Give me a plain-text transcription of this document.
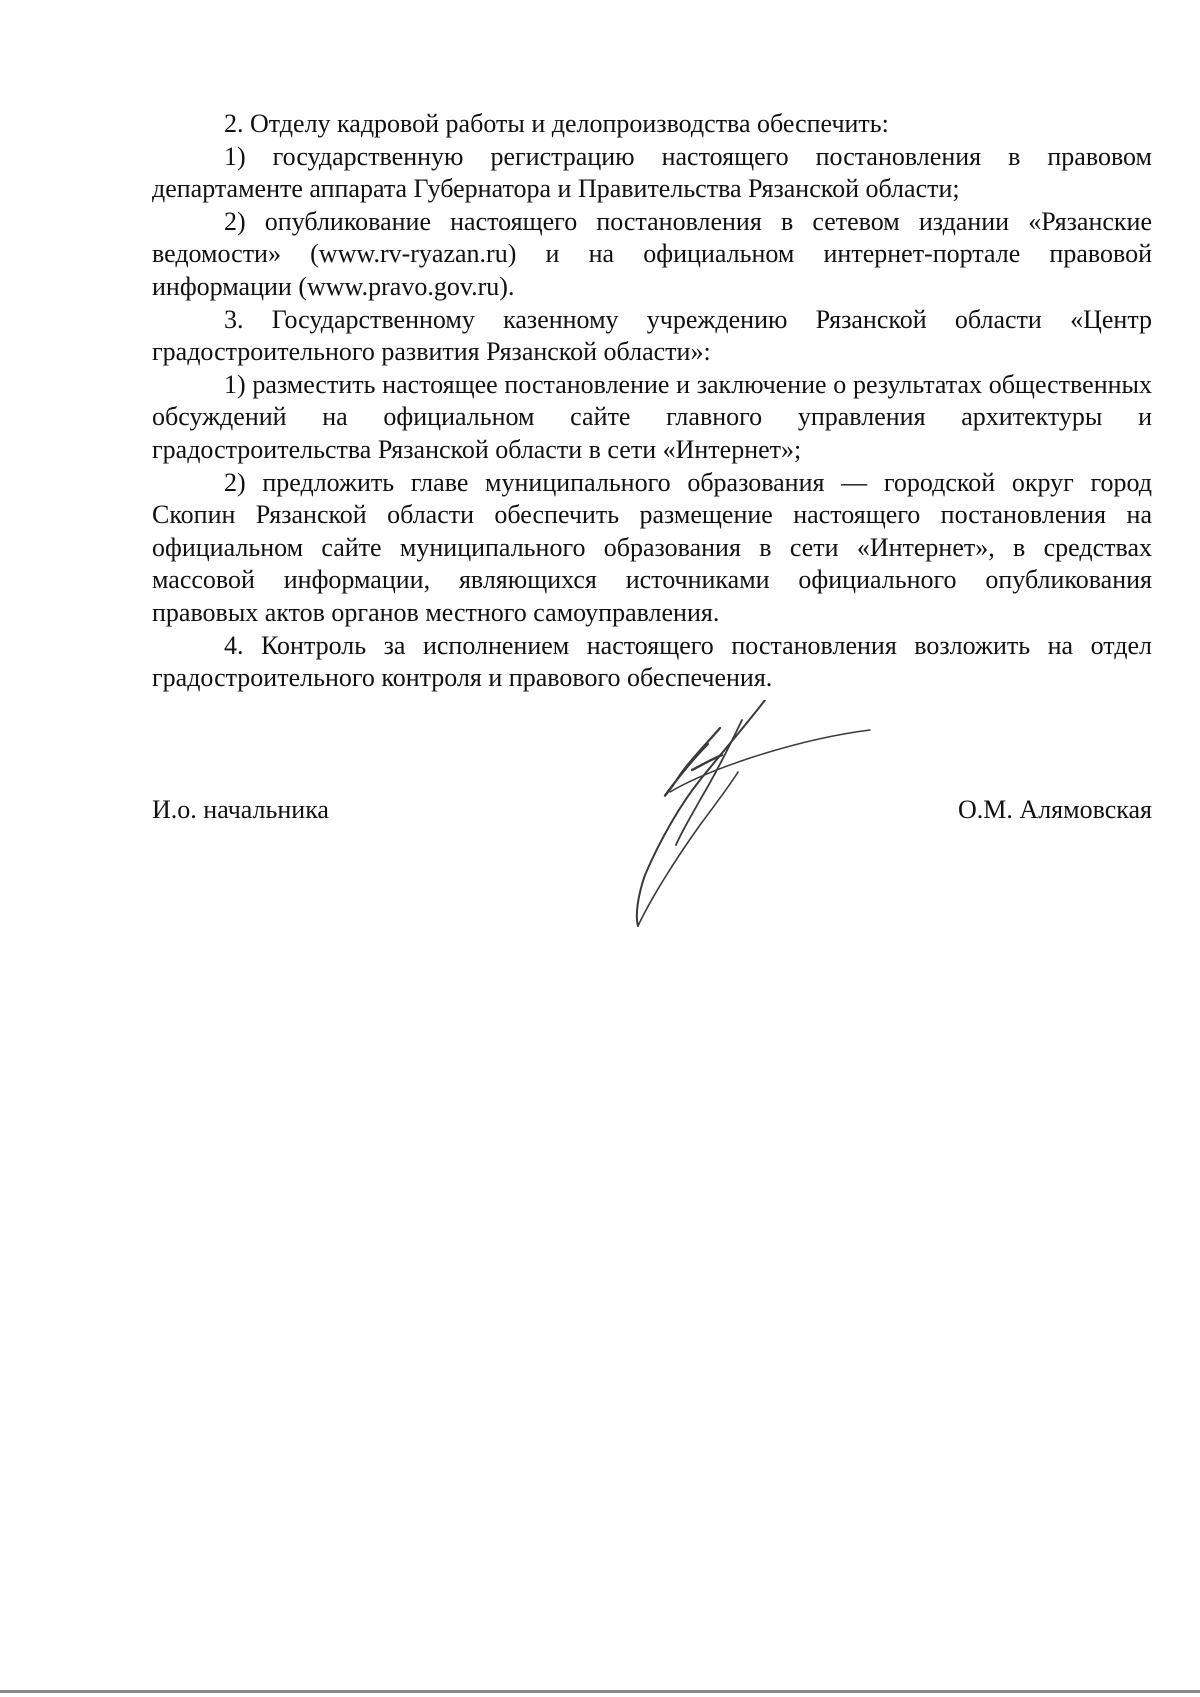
2. Отделу кадровой работы и делопроизводства обеспечить:

1) государственную регистрацию настоящего постановления в правовом департаменте аппарата Губернатора и Правительства Рязанской области;

2) опубликование настоящего постановления в сетевом издании «Рязанские ведомости» (www.rv-ryazan.ru) и на официальном интернет-портале правовой информации (www.pravo.gov.ru).

3. Государственному казенному учреждению Рязанской области «Центр градостроительного развития Рязанской области»:

1) разместить настоящее постановление и заключение о результатах общественных обсуждений на официальном сайте главного управления архитектуры и градостроительства Рязанской области в сети «Интернет»;

2) предложить главе муниципального образования — городской округ город Скопин Рязанской области обеспечить размещение настоящего постановления на официальном сайте муниципального образования в сети «Интернет», в средствах массовой информации, являющихся источниками официального опубликования правовых актов органов местного самоуправления.

4. Контроль за исполнением настоящего постановления возложить на отдел градостроительного контроля и правового обеспечения.

И.о. начальника	О.М. Алямовская
